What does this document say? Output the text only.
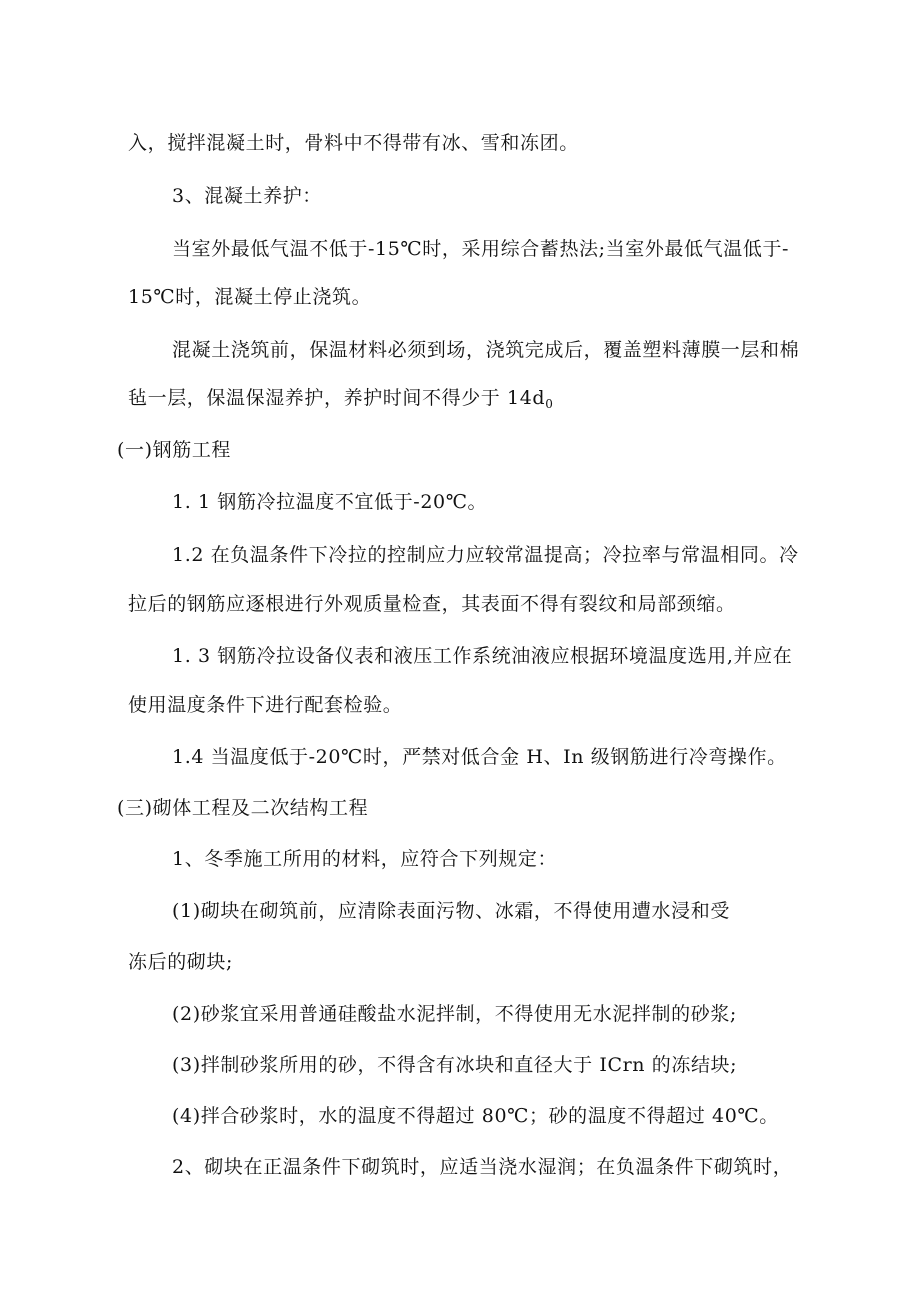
入，搅拌混凝土时，骨料中不得带有冰、雪和冻团。
3、混凝土养护：
当室外最低气温不低于-15℃时，采用综合蓄热法;当室外最低气温低于-
15℃时，混凝土停止浇筑。
混凝土浇筑前，保温材料必须到场，浇筑完成后，覆盖塑料薄膜一层和棉
毡一层，保温保湿养护，养护时间不得少于 $14d_0$
(一)钢筋工程
1. 1 钢筋冷拉温度不宜低于-20℃。
1.2 在负温条件下冷拉的控制应力应较常温提高；冷拉率与常温相同。冷
拉后的钢筋应逐根进行外观质量检查，其表面不得有裂纹和局部颈缩。
1. 3 钢筋冷拉设备仪表和液压工作系统油液应根据环境温度选用,并应在
使用温度条件下进行配套检验。
1.4 当温度低于-20℃时，严禁对低合金 H、In 级钢筋进行冷弯操作。
(三)砌体工程及二次结构工程
1、冬季施工所用的材料，应符合下列规定：
(1)砌块在砌筑前，应清除表面污物、冰霜，不得使用遭水浸和受
冻后的砌块;
(2)砂浆宜采用普通硅酸盐水泥拌制，不得使用无水泥拌制的砂浆;
(3)拌制砂浆所用的砂，不得含有冰块和直径大于 ICrn 的冻结块;
(4)拌合砂浆时，水的温度不得超过 80℃；砂的温度不得超过 40℃。
2、砌块在正温条件下砌筑时，应适当浇水湿润；在负温条件下砌筑时，
